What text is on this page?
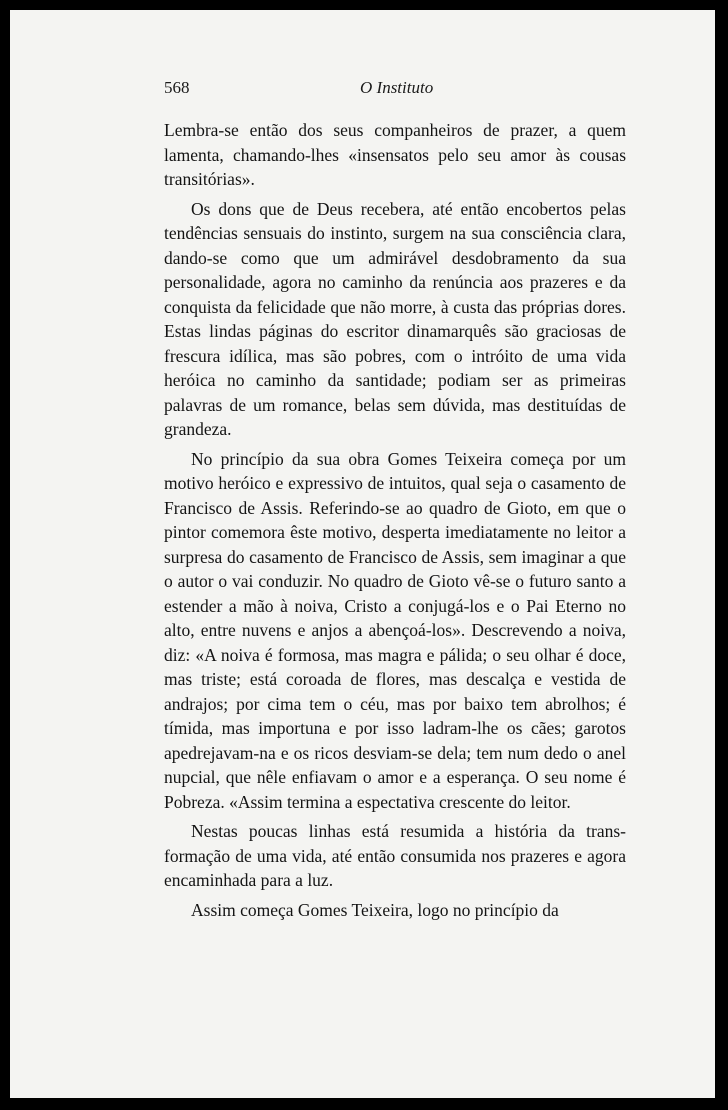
568	O Instituto

Lembra-se então dos seus companheiros de prazer, a quem lamenta, chamando-lhes «insensatos pelo seu amor às cousas transitórias».

Os dons que de Deus recebera, até então encobertos pelas tendências sensuais do instinto, surgem na sua consciência clara, dando-se como que um admirável desdobramento da sua personalidade, agora no caminho da renúncia aos prazeres e da conquista da felicidade que não morre, à custa das próprias dores. Estas lindas páginas do escritor dinamarquês são graciosas de frescura idílica, mas são pobres, com o intróito de uma vida heróica no caminho da santidade; podiam ser as primeiras palavras de um romance, belas sem dúvida, mas destituídas de grandeza.

No princípio da sua obra Gomes Teixeira começa por um motivo heróico e expressivo de intuitos, qual seja o casamento de Francisco de Assis. Referindo-se ao quadro de Gioto, em que o pintor comemora êste motivo, desperta imediatamente no leitor a surpresa do casamento de Francisco de Assis, sem imaginar a que o autor o vai conduzir. No quadro de Gioto vê-se o futuro santo a estender a mão à noiva, Cristo a conjugá-los e o Pai Eterno no alto, entre nuvens e anjos a abençoá-los». Descrevendo a noiva, diz: «A noiva é formosa, mas magra e pálida; o seu olhar é doce, mas triste; está coroada de flores, mas descalça e vestida de andrajos; por cima tem o céu, mas por baixo tem abrolhos; é tímida, mas importuna e por isso ladram-lhe os cães; garotos apedrejavam-na e os ricos desviam-se dela; tem num dedo o anel nupcial, que nêle enfiavam o amor e a esperança. O seu nome é Pobreza. «Assim termina a espectativa crescente do leitor.

Nestas poucas linhas está resumida a história da transformação de uma vida, até então consumida nos prazeres e agora encaminhada para a luz.

Assim começa Gomes Teixeira, logo no princípio da
